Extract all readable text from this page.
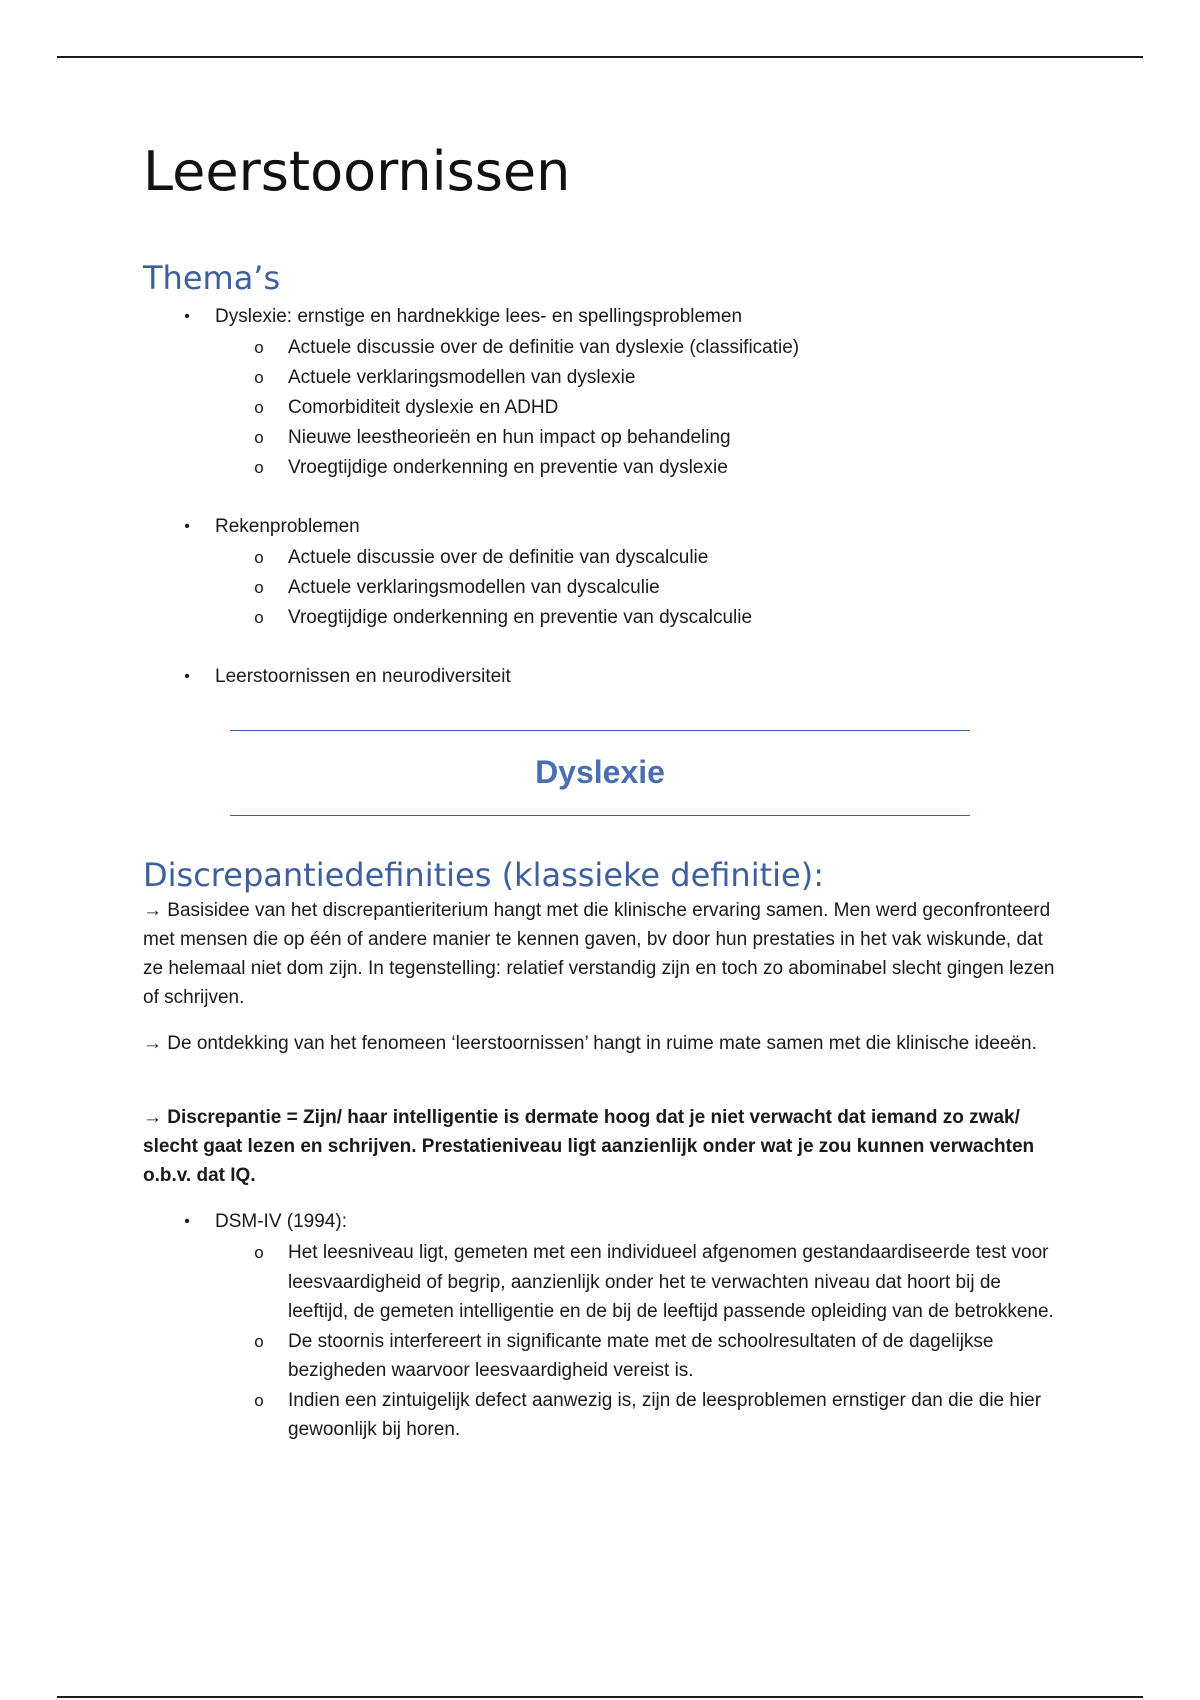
Leerstoornissen
Thema’s
• Dyslexie: ernstige en hardnekkige lees- en spellingsproblemen
o Actuele discussie over de definitie van dyslexie (classificatie)
o Actuele verklaringsmodellen van dyslexie
o Comorbiditeit dyslexie en ADHD
o Nieuwe leestheorieën en hun impact op behandeling
o Vroegtijdige onderkenning en preventie van dyslexie
• Rekenproblemen
o Actuele discussie over de definitie van dyscalculie
o Actuele verklaringsmodellen van dyscalculie
o Vroegtijdige onderkenning en preventie van dyscalculie
• Leerstoornissen en neurodiversiteit
Dyslexie
Discrepantiedefinities (klassieke definitie):

→ Basisidee van het discrepantieriterium hangt met die klinische ervaring samen. Men werd geconfronteerd met mensen die op één of andere manier te kennen gaven, bv door hun prestaties in het vak wiskunde, dat ze helemaal niet dom zijn. In tegenstelling: relatief verstandig zijn en toch zo abominabel slecht gingen lezen of schrijven.

→ De ontdekking van het fenomeen ‘leerstoornissen’ hangt in ruime mate samen met die klinische ideeën.

→ Discrepantie = Zijn/ haar intelligentie is dermate hoog dat je niet verwacht dat iemand zo zwak/ slecht gaat lezen en schrijven. Prestatieniveau ligt aanzienlijk onder wat je zou kunnen verwachten o.b.v. dat IQ.

• DSM-IV (1994):
o Het leesniveau ligt, gemeten met een individueel afgenomen gestandaardiseerde test voor leesvaardigheid of begrip, aanzienlijk onder het te verwachten niveau dat hoort bij de leeftijd, de gemeten intelligentie en de bij de leeftijd passende opleiding van de betrokkene.
o De stoornis interfereert in significante mate met de schoolresultaten of de dagelijkse bezigheden waarvoor leesvaardigheid vereist is.
o Indien een zintuigelijk defect aanwezig is, zijn de leesproblemen ernstiger dan die die hier gewoonlijk bij horen.
